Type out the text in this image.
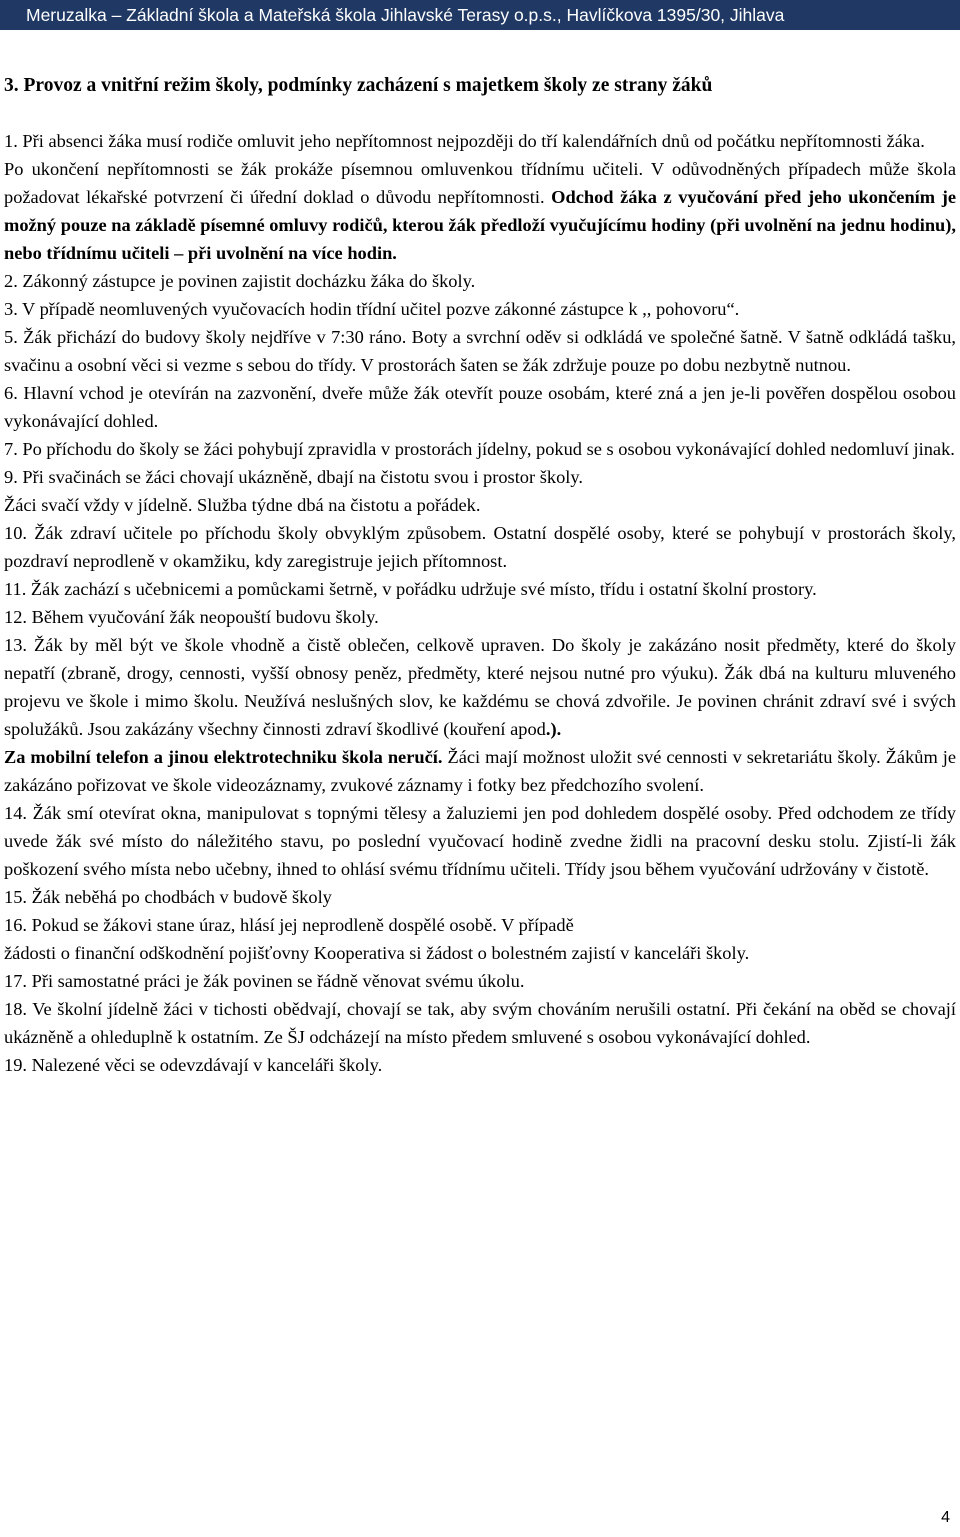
Meruzalka – Základní škola a Mateřská škola Jihlavské Terasy o.p.s., Havlíčkova 1395/30, Jihlava
3. Provoz a vnitřní režim školy, podmínky zacházení s majetkem školy ze strany žáků

1. Při absenci žáka musí rodiče omluvit jeho nepřítomnost nejpozději do tří kalendářních dnů od počátku nepřítomnosti žáka.

Po ukončení nepřítomnosti se žák prokáže písemnou omluvenkou třídnímu učiteli. V odůvodněných případech může škola požadovat lékařské potvrzení či úřední doklad o důvodu nepřítomnosti. Odchod žáka z vyučování před jeho ukončením je možný pouze na základě písemné omluvy rodičů, kterou žák předloží vyučujícímu hodiny (při uvolnění na jednu hodinu), nebo třídnímu učiteli – při uvolnění na více hodin.

2. Zákonný zástupce je povinen zajistit docházku žáka do školy.

3. V případě neomluvených vyučovacích hodin třídní učitel pozve zákonné zástupce k ,, pohovoru“.

5. Žák přichází do budovy školy nejdříve v 7:30 ráno. Boty a svrchní oděv si odkládá ve společné šatně. V šatně odkládá tašku, svačinu a osobní věci si vezme s sebou do třídy. V prostorách šaten se žák zdržuje pouze po dobu nezbytně nutnou.

6. Hlavní vchod je otevírán na zazvonění, dveře může žák otevřít pouze osobám, které zná a jen je-li pověřen dospělou osobou vykonávající dohled.

7. Po příchodu do školy se žáci pohybují zpravidla v prostorách jídelny, pokud se s osobou vykonávající dohled nedomluví jinak.

9. Při svačinách se žáci chovají ukázněně, dbají na čistotu svou i prostor školy.

Žáci svačí vždy v jídelně. Služba týdne dbá na čistotu a pořádek.

10. Žák zdraví učitele po příchodu školy obvyklým způsobem. Ostatní dospělé osoby, které se pohybují v prostorách školy, pozdraví neprodleně v okamžiku, kdy zaregistruje jejich přítomnost.

11. Žák zachází s učebnicemi a pomůckami šetrně, v pořádku udržuje své místo, třídu i ostatní školní prostory.

12. Během vyučování žák neopouští budovu školy.

13. Žák by měl být ve škole vhodně a čistě oblečen, celkově upraven. Do školy je zakázáno nosit předměty, které do školy nepatří (zbraně, drogy, cennosti, vyšší obnosy peněz, předměty, které nejsou nutné pro výuku). Žák dbá na kulturu mluveného projevu ve škole i mimo školu. Neužívá neslušných slov, ke každému se chová zdvořile. Je povinen chránit zdraví své i svých spolužáků. Jsou zakázány všechny činnosti zdraví škodlivé (kouření apod.).
Za mobilní telefon a jinou elektrotechniku škola neručí. Žáci mají možnost uložit své cennosti v sekretariátu školy. Žákům je zakázáno pořizovat ve škole videozáznamy, zvukové záznamy i fotky bez předchozího svolení.

14. Žák smí otevírat okna, manipulovat s topnými tělesy a žaluziemi jen pod dohledem dospělé osoby. Před odchodem ze třídy uvede žák své místo do náležitého stavu, po poslední vyučovací hodině zvedne židli na pracovní desku stolu. Zjistí-li žák poškození svého místa nebo učebny, ihned to ohlásí svému třídnímu učiteli. Třídy jsou během vyučování udržovány v čistotě.

15. Žák neběhá po chodbách v budově školy

16. Pokud se žákovi stane úraz, hlásí jej neprodleně dospělé osobě. V případě

žádosti o finanční odškodnění pojišťovny Kooperativa si žádost o bolestném zajistí v kanceláři školy.

17. Při samostatné práci je žák povinen se řádně věnovat svému úkolu.

18. Ve školní jídelně žáci v tichosti obědvají, chovají se tak, aby svým chováním nerušili ostatní. Při čekání na oběd se chovají ukázněně a ohleduplně k ostatním. Ze ŠJ odcházejí na místo předem smluvené s osobou vykonávající dohled.

19. Nalezené věci se odevzdávají v kanceláři školy.

4
